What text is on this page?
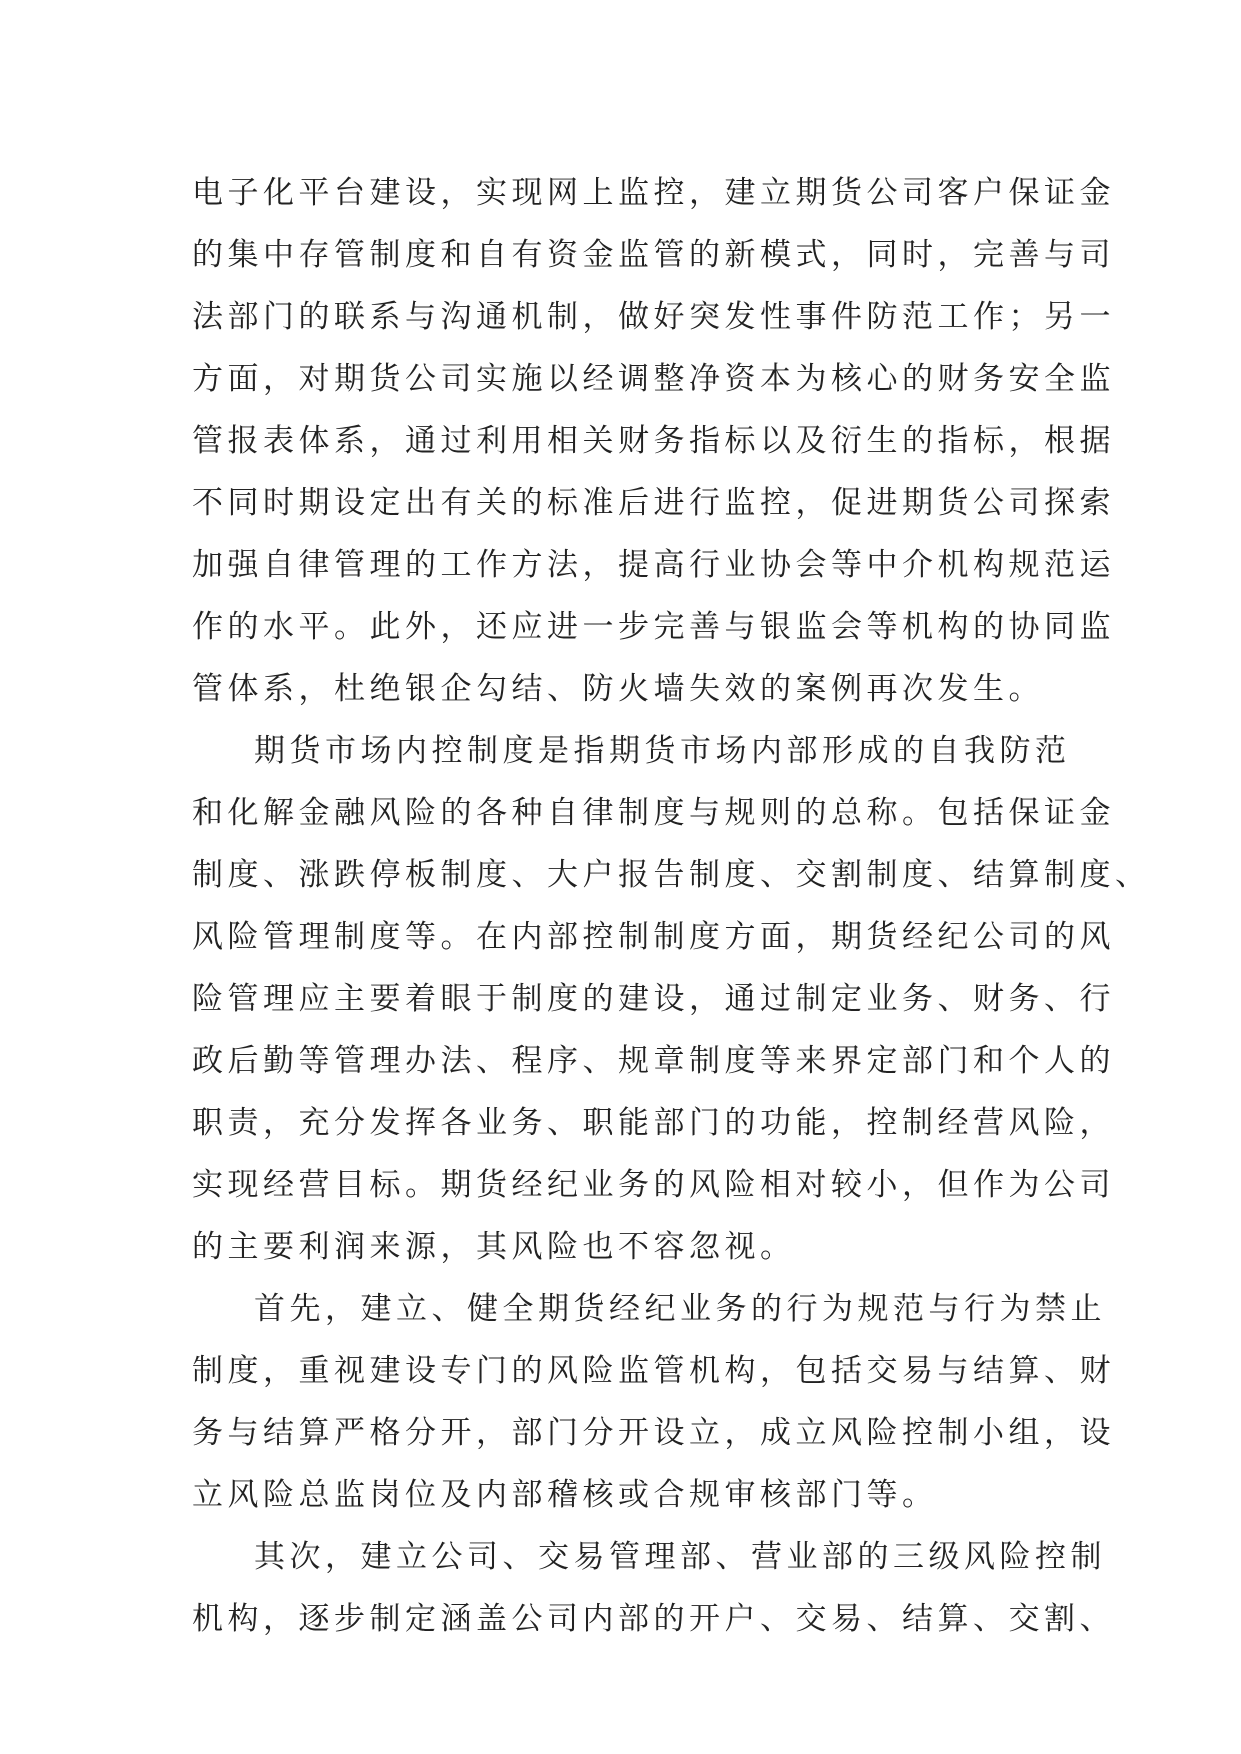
电子化平台建设，实现网上监控，建立期货公司客户保证金
的集中存管制度和自有资金监管的新模式，同时，完善与司
法部门的联系与沟通机制，做好突发性事件防范工作；另一
方面，对期货公司实施以经调整净资本为核心的财务安全监
管报表体系，通过利用相关财务指标以及衍生的指标，根据
不同时期设定出有关的标准后进行监控，促进期货公司探索
加强自律管理的工作方法，提高行业协会等中介机构规范运
作的水平。此外，还应进一步完善与银监会等机构的协同监
管体系，杜绝银企勾结、防火墙失效的案例再次发生。
期货市场内控制度是指期货市场内部形成的自我防范
和化解金融风险的各种自律制度与规则的总称。包括保证金
制度、涨跌停板制度、大户报告制度、交割制度、结算制度、
风险管理制度等。在内部控制制度方面，期货经纪公司的风
险管理应主要着眼于制度的建设，通过制定业务、财务、行
政后勤等管理办法、程序、规章制度等来界定部门和个人的
职责，充分发挥各业务、职能部门的功能，控制经营风险，
实现经营目标。期货经纪业务的风险相对较小，但作为公司
的主要利润来源，其风险也不容忽视。
首先，建立、健全期货经纪业务的行为规范与行为禁止
制度，重视建设专门的风险监管机构，包括交易与结算、财
务与结算严格分开，部门分开设立，成立风险控制小组，设
立风险总监岗位及内部稽核或合规审核部门等。
其次，建立公司、交易管理部、营业部的三级风险控制
机构，逐步制定涵盖公司内部的开户、交易、结算、交割、
